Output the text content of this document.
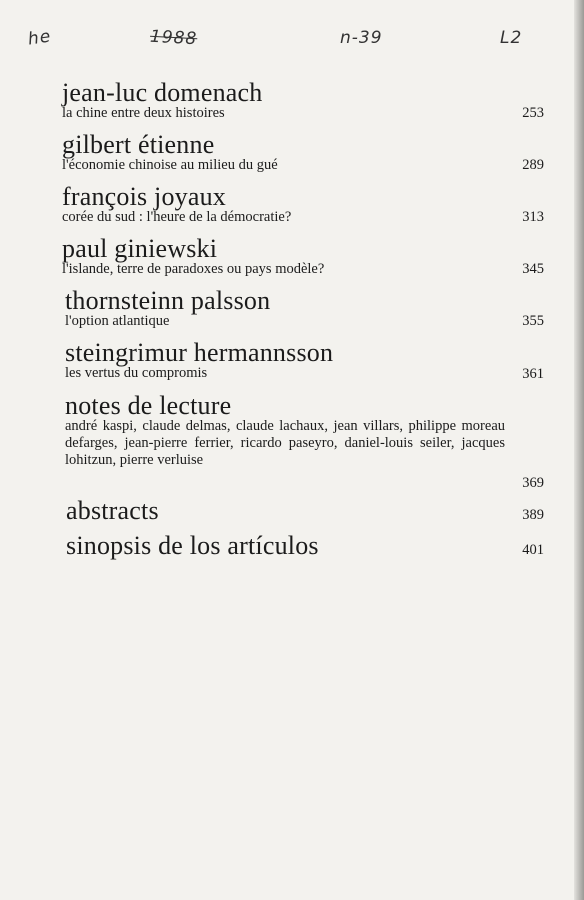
he	1988	n-39	L2
jean-luc domenach
la chine entre deux histoires	253
gilbert étienne
l'économie chinoise au milieu du gué	289
françois joyaux
corée du sud : l'heure de la démocratie?	313
paul giniewski
l'islande, terre de paradoxes ou pays modèle?	345
thornsteinn palsson
l'option atlantique	355
steingrimur hermannsson
les vertus du compromis	361
notes de lecture
andré kaspi, claude delmas, claude lachaux, jean villars, philippe moreau defarges, jean-pierre ferrier, ricardo paseyro, daniel-louis seiler, jacques lohitzun, pierre verluise
369
abstracts	389
sinopsis de los artículos	401
